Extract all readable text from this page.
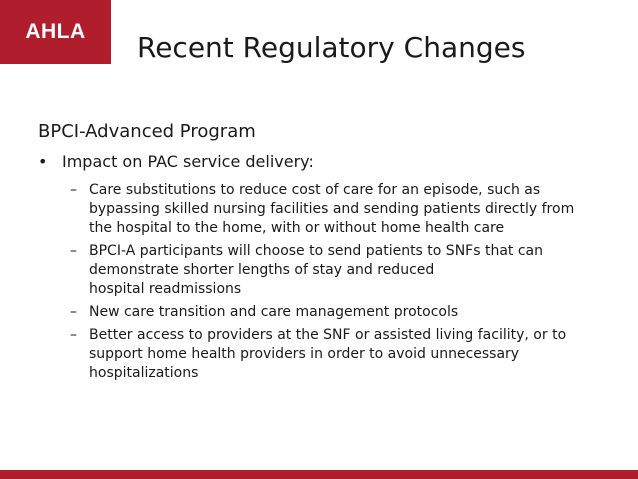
AHLA Recent Regulatory Changes
BPCI-Advanced Program
• Impact on PAC service delivery:
– Care substitutions to reduce cost of care for an episode, such as
bypassing skilled nursing facilities and sending patients directly from
the hospital to the home, with or without home health care
– BPCI-A participants will choose to send patients to SNFs that can
demonstrate shorter lengths of stay and reduced
hospital readmissions
– New care transition and care management protocols
– Better access to providers at the SNF or assisted living facility, or to
support home health providers in order to avoid unnecessary
hospitalizations
